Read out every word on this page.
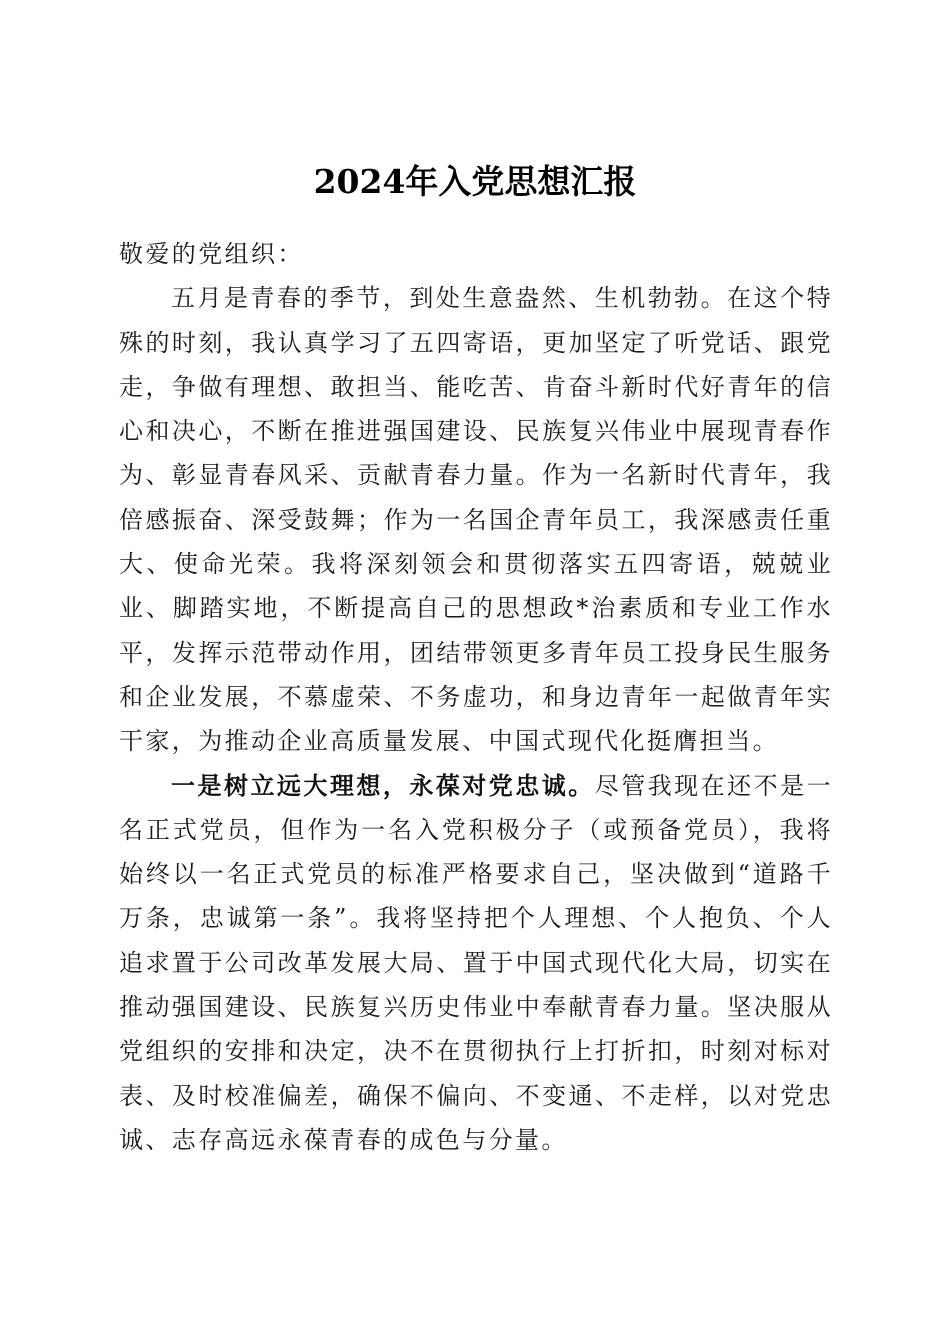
2024年入党思想汇报

敬爱的党组织：

五月是青春的季节，到处生意盎然、生机勃勃。在这个特殊的时刻，我认真学习了五四寄语，更加坚定了听党话、跟党走，争做有理想、敢担当、能吃苦、肯奋斗新时代好青年的信心和决心，不断在推进强国建设、民族复兴伟业中展现青春作为、彰显青春风采、贡献青春力量。作为一名新时代青年，我倍感振奋、深受鼓舞；作为一名国企青年员工，我深感责任重大、使命光荣。我将深刻领会和贯彻落实五四寄语，兢兢业业、脚踏实地，不断提高自己的思想政*治素质和专业工作水平，发挥示范带动作用，团结带领更多青年员工投身民生服务和企业发展，不慕虚荣、不务虚功，和身边青年一起做青年实干家，为推动企业高质量发展、中国式现代化挺膺担当。

一是树立远大理想，永葆对党忠诚。尽管我现在还不是一名正式党员，但作为一名入党积极分子（或预备党员），我将始终以一名正式党员的标准严格要求自己，坚决做到“道路千万条，忠诚第一条”。我将坚持把个人理想、个人抱负、个人追求置于公司改革发展大局、置于中国式现代化大局，切实在推动强国建设、民族复兴历史伟业中奉献青春力量。坚决服从党组织的安排和决定，决不在贯彻执行上打折扣，时刻对标对表、及时校准偏差，确保不偏向、不变通、不走样，以对党忠诚、志存高远永葆青春的成色与分量。
